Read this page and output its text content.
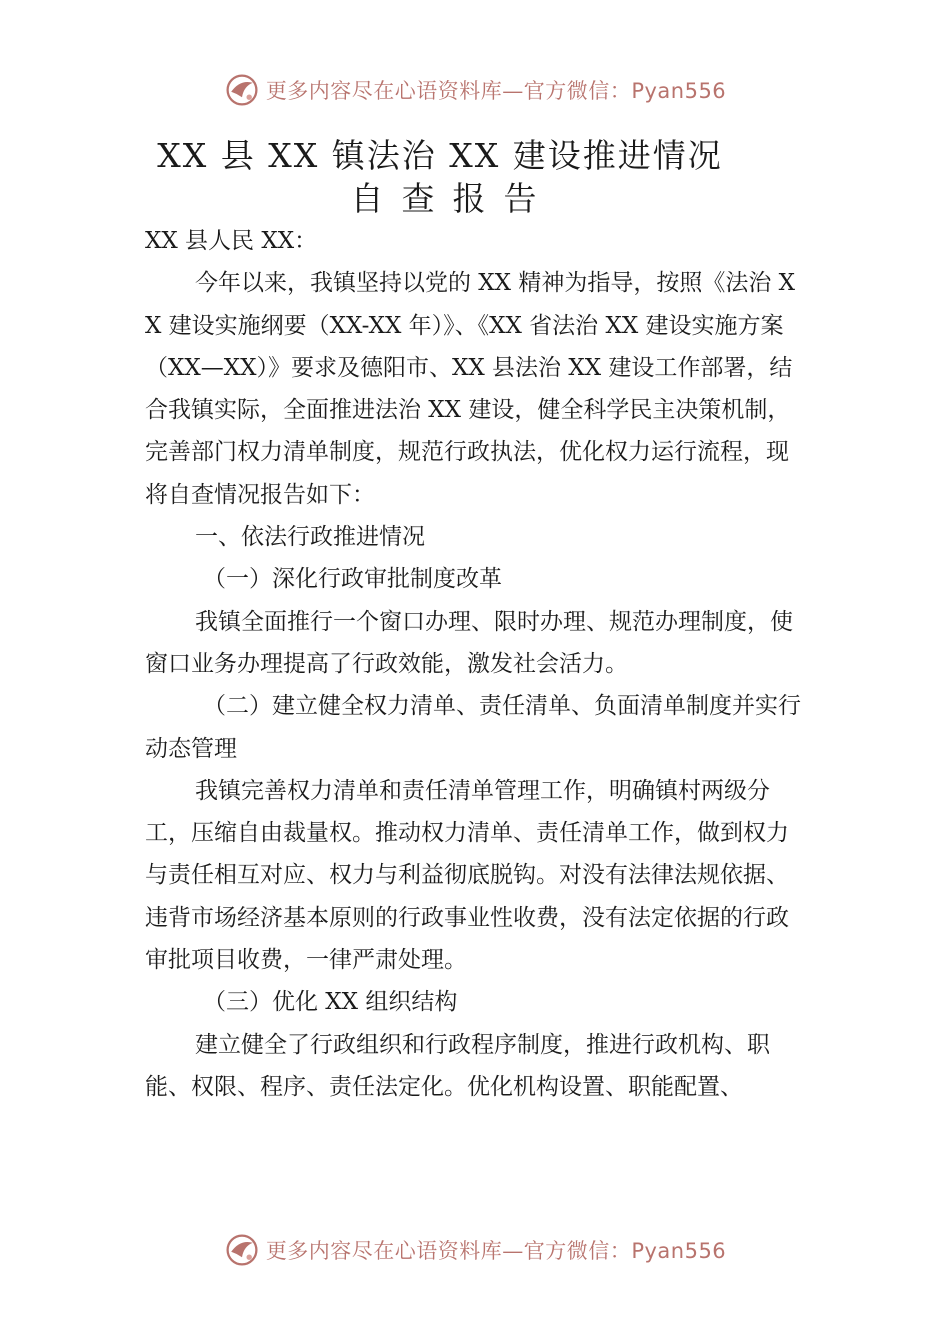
更多内容尽在心语资料库—官方微信：Pyan556
XX 县 XX 镇法治 XX 建设推进情况
自查报告

XX 县人民 XX：

今年以来，我镇坚持以党的 XX 精神为指导，按照《法治 XX 建设实施纲要（XX-XX 年）》、《XX 省法治 XX 建设实施方案（XX—XX）》要求及德阳市、XX 县法治 XX 建设工作部署，结合我镇实际，全面推进法治 XX 建设，健全科学民主决策机制，完善部门权力清单制度，规范行政执法，优化权力运行流程，现将自查情况报告如下：

一、依法行政推进情况

（一）深化行政审批制度改革

我镇全面推行一个窗口办理、限时办理、规范办理制度，使窗口业务办理提高了行政效能，激发社会活力。

（二）建立健全权力清单、责任清单、负面清单制度并实行动态管理

我镇完善权力清单和责任清单管理工作，明确镇村两级分工，压缩自由裁量权。推动权力清单、责任清单工作，做到权力与责任相互对应、权力与利益彻底脱钩。对没有法律法规依据、违背市场经济基本原则的行政事业性收费，没有法定依据的行政审批项目收费，一律严肃处理。

（三）优化 XX 组织结构

建立健全了行政组织和行政程序制度，推进行政机构、职能、权限、程序、责任法定化。优化机构设置、职能配置、

更多内容尽在心语资料库—官方微信：Pyan556
